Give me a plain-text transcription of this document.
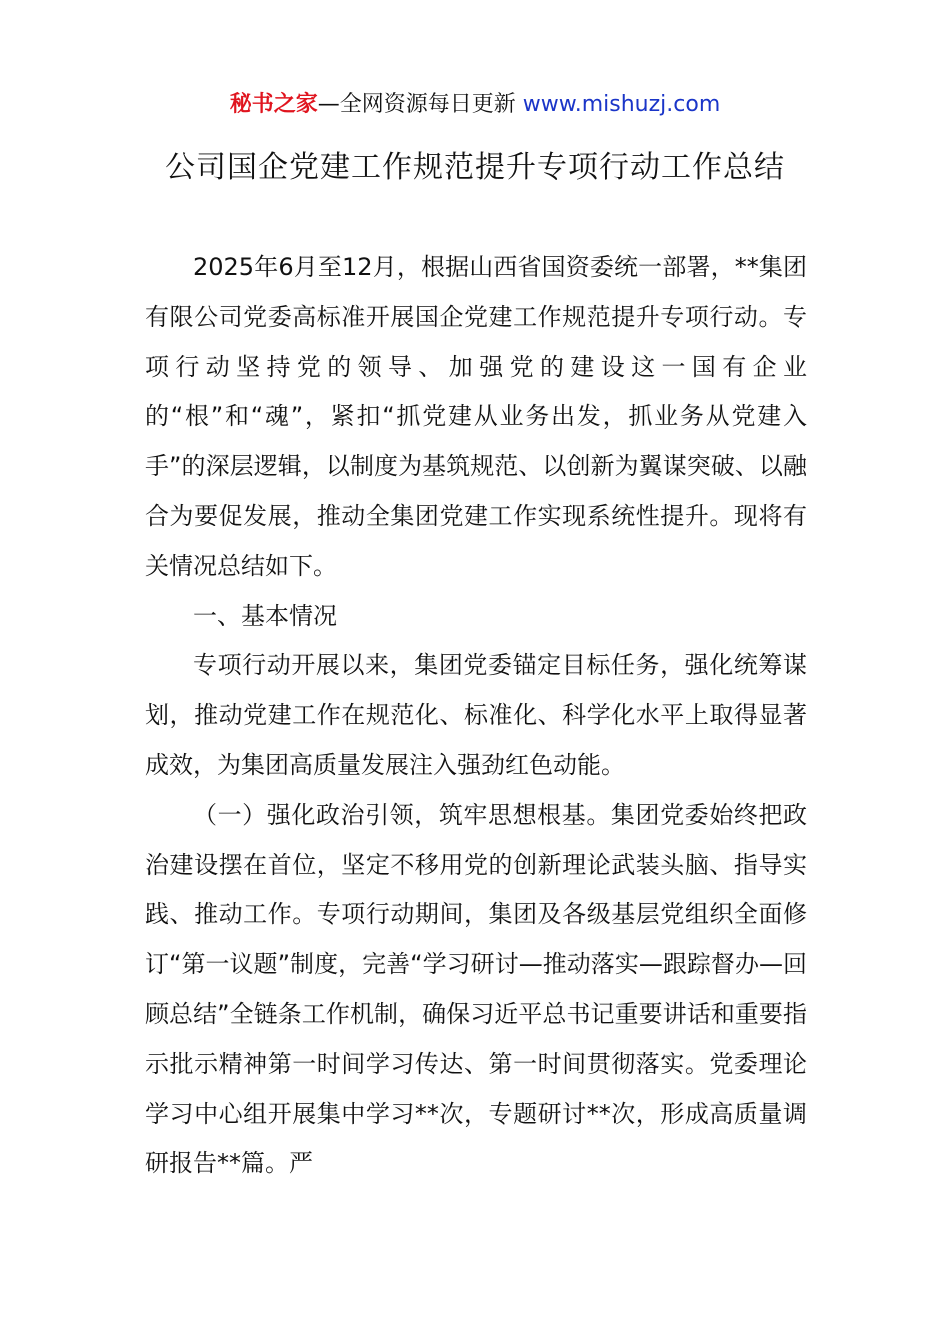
秘书之家—全网资源每日更新 www.mishuzj.com
公司国企党建工作规范提升专项行动工作总结

2025年6月至12月，根据山西省国资委统一部署，**集团有限公司党委高标准开展国企党建工作规范提升专项行动。专项行动坚持党的领导、加强党的建设这一国有企业的“根”和“魂”，紧扣“抓党建从业务出发，抓业务从党建入手”的深层逻辑，以制度为基筑规范、以创新为翼谋突破、以融合为要促发展，推动全集团党建工作实现系统性提升。现将有关情况总结如下。

一、基本情况

专项行动开展以来，集团党委锚定目标任务，强化统筹谋划，推动党建工作在规范化、标准化、科学化水平上取得显著成效，为集团高质量发展注入强劲红色动能。

（一）强化政治引领，筑牢思想根基。集团党委始终把政治建设摆在首位，坚定不移用党的创新理论武装头脑、指导实践、推动工作。专项行动期间，集团及各级基层党组织全面修订“第一议题”制度，完善“学习研讨—推动落实—跟踪督办—回顾总结”全链条工作机制，确保习近平总书记重要讲话和重要指示批示精神第一时间学习传达、第一时间贯彻落实。党委理论学习中心组开展集中学习**次，专题研讨**次，形成高质量调研报告**篇。严
